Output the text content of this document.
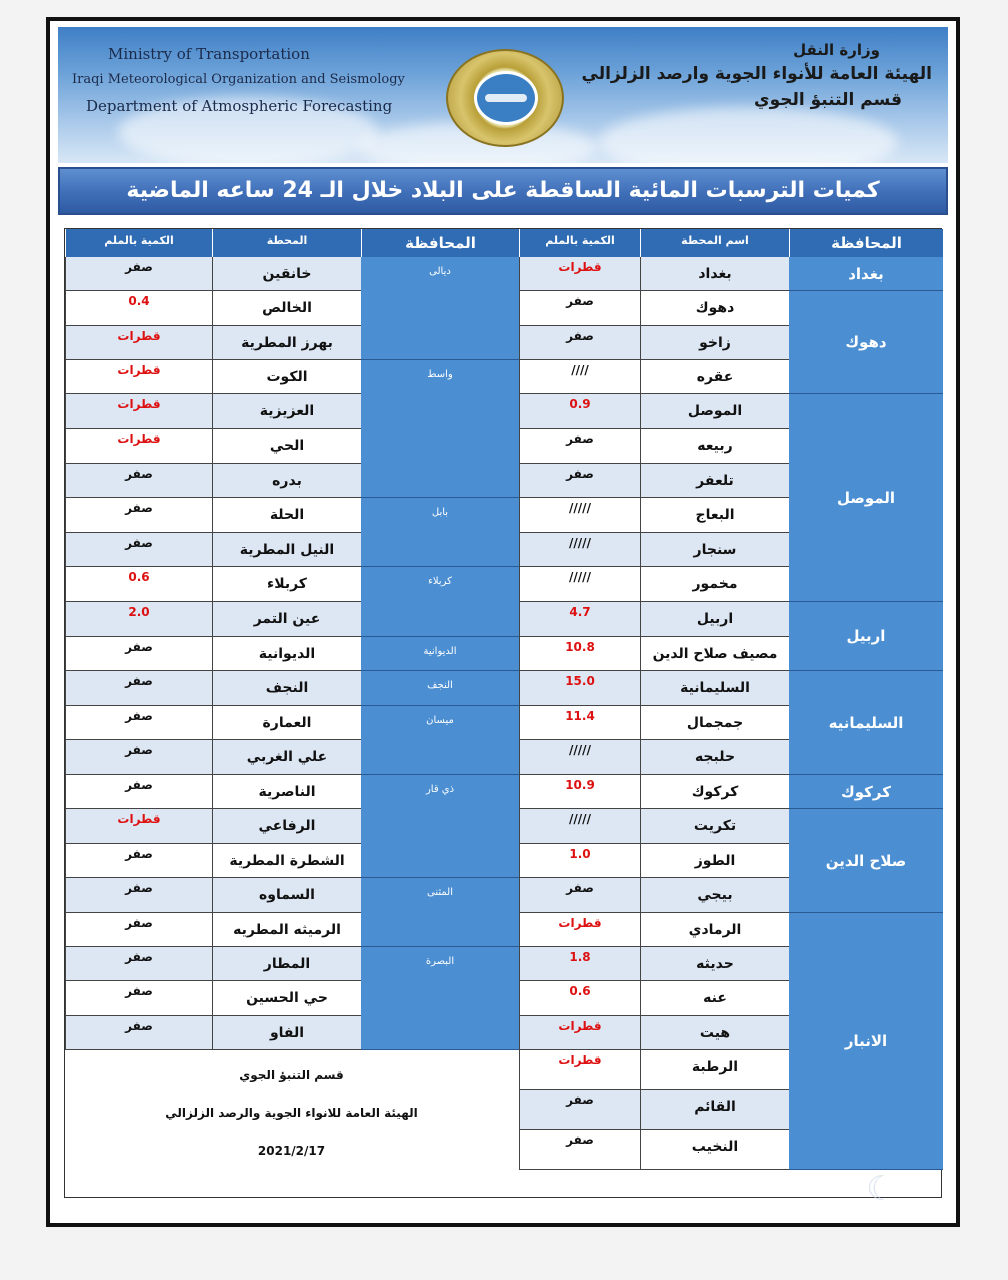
Ministry of Transportation
Iraqi Meteorological Organization and Seismology
Department of Atmospheric Forecasting
وزارة النقل
الهيئة العامة للأنواء الجوية وارصد الزلزالي
قسم التنبؤ الجوي
كميات الترسبات المائية الساقطة على البلاد خلال الـ 24 ساعه الماضية
المحافظة
اسم المحطة
الكمية بالملم
المحافظة
المحطة
الكمية بالملم
قسم التنبؤ الجوي
الهيئة العامة للانواء الجوية والرصد الزلزالي
2021/2/17
بغداد
قطرات
دهوك
صفر
زاخو
صفر
عقره
////
الموصل
0.9
ربيعه
صفر
تلعفر
صفر
البعاج
/////
سنجار
/////
مخمور
/////
اربيل
4.7
مصيف صلاح الدين
10.8
السليمانية
15.0
جمجمال
11.4
حلبجه
/////
كركوك
10.9
تكريت
/////
الطوز
1.0
بيجي
صفر
الرمادي
قطرات
حديثه
1.8
عنه
0.6
هيت
قطرات
الرطبة
قطرات
القائم
صفر
النخيب
صفر
بغداد
دهوك
الموصل
اربيل
السليمانيه
كركوك
صلاح الدين
الانبار
خانقين
صفر
الخالص
0.4
بهرز المطرية
قطرات
الكوت
قطرات
العزيزية
قطرات
الحي
قطرات
بدره
صفر
الحلة
صفر
النيل المطرية
صفر
كربلاء
0.6
عين التمر
2.0
الديوانية
صفر
النجف
صفر
العمارة
صفر
علي الغربي
صفر
الناصرية
صفر
الرفاعي
قطرات
الشطرة المطرية
صفر
السماوه
صفر
الرميثه المطريه
صفر
المطار
صفر
حي الحسين
صفر
الفاو
صفر
ديالى
واسط
بابل
كربلاء
الديوانية
النجف
ميسان
ذي قار
المثنى
البصرة
☾
